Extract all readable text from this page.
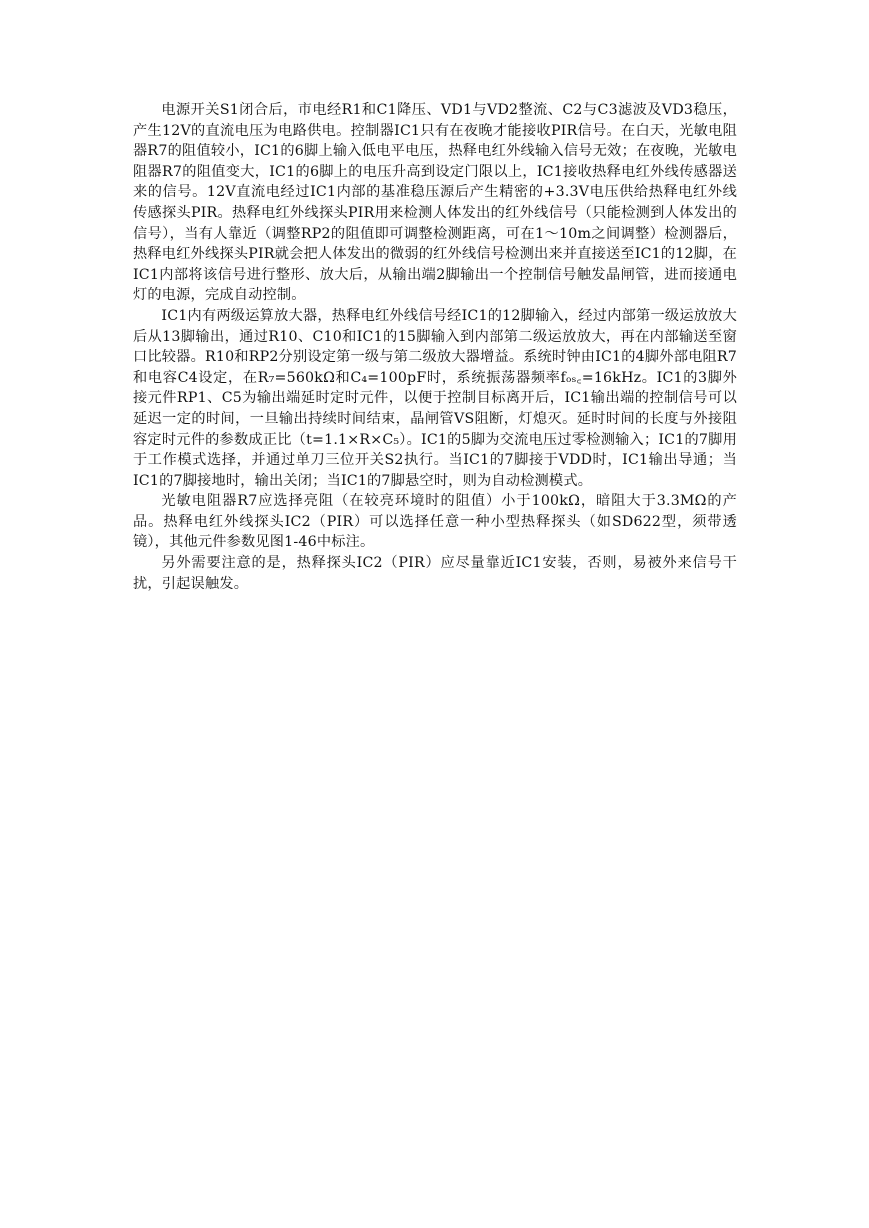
电源开关S1闭合后，市电经R1和C1降压、VD1与VD2整流、C2与C3滤波及VD3稳压，产生12V的直流电压为电路供电。控制器IC1只有在夜晚才能接收PIR信号。在白天，光敏电阻器R7的阻值较小，IC1的6脚上输入低电平电压，热释电红外线输入信号无效；在夜晚，光敏电阻器R7的阻值变大，IC1的6脚上的电压升高到设定门限以上，IC1接收热释电红外线传感器送来的信号。12V直流电经过IC1内部的基准稳压源后产生精密的+3.3V电压供给热释电红外线传感探头PIR。热释电红外线探头PIR用来检测人体发出的红外线信号（只能检测到人体发出的信号），当有人靠近（调整RP2的阻值即可调整检测距离，可在1～10m之间调整）检测器后，热释电红外线探头PIR就会把人体发出的微弱的红外线信号检测出来并直接送至IC1的12脚，在IC1内部将该信号进行整形、放大后，从输出端2脚输出一个控制信号触发晶闸管，进而接通电灯的电源，完成自动控制。

IC1内有两级运算放大器，热释电红外线信号经IC1的12脚输入，经过内部第一级运放放大后从13脚输出，通过R10、C10和IC1的15脚输入到内部第二级运放放大，再在内部输送至窗口比较器。R10和RP2分别设定第一级与第二级放大器增益。系统时钟由IC1的4脚外部电阻R7和电容C4设定，在R₇=560kΩ和C₄=100pF时，系统振荡器频率fₒₛ꜀=16kHz。IC1的3脚外接元件RP1、C5为输出端延时定时元件，以便于控制目标离开后，IC1输出端的控制信号可以延迟一定的时间，一旦输出持续时间结束，晶闸管VS阻断，灯熄灭。延时时间的长度与外接阻容定时元件的参数成正比（t=1.1×R×C₅）。IC1的5脚为交流电压过零检测输入；IC1的7脚用于工作模式选择，并通过单刀三位开关S2执行。当IC1的7脚接于VDD时，IC1输出导通；当IC1的7脚接地时，输出关闭；当IC1的7脚悬空时，则为自动检测模式。

光敏电阻器R7应选择亮阻（在较亮环境时的阻值）小于100kΩ，暗阻大于3.3MΩ的产品。热释电红外线探头IC2（PIR）可以选择任意一种小型热释探头（如SD622型，须带透镜），其他元件参数见图1-46中标注。

另外需要注意的是，热释探头IC2（PIR）应尽量靠近IC1安装，否则，易被外来信号干扰，引起误触发。
